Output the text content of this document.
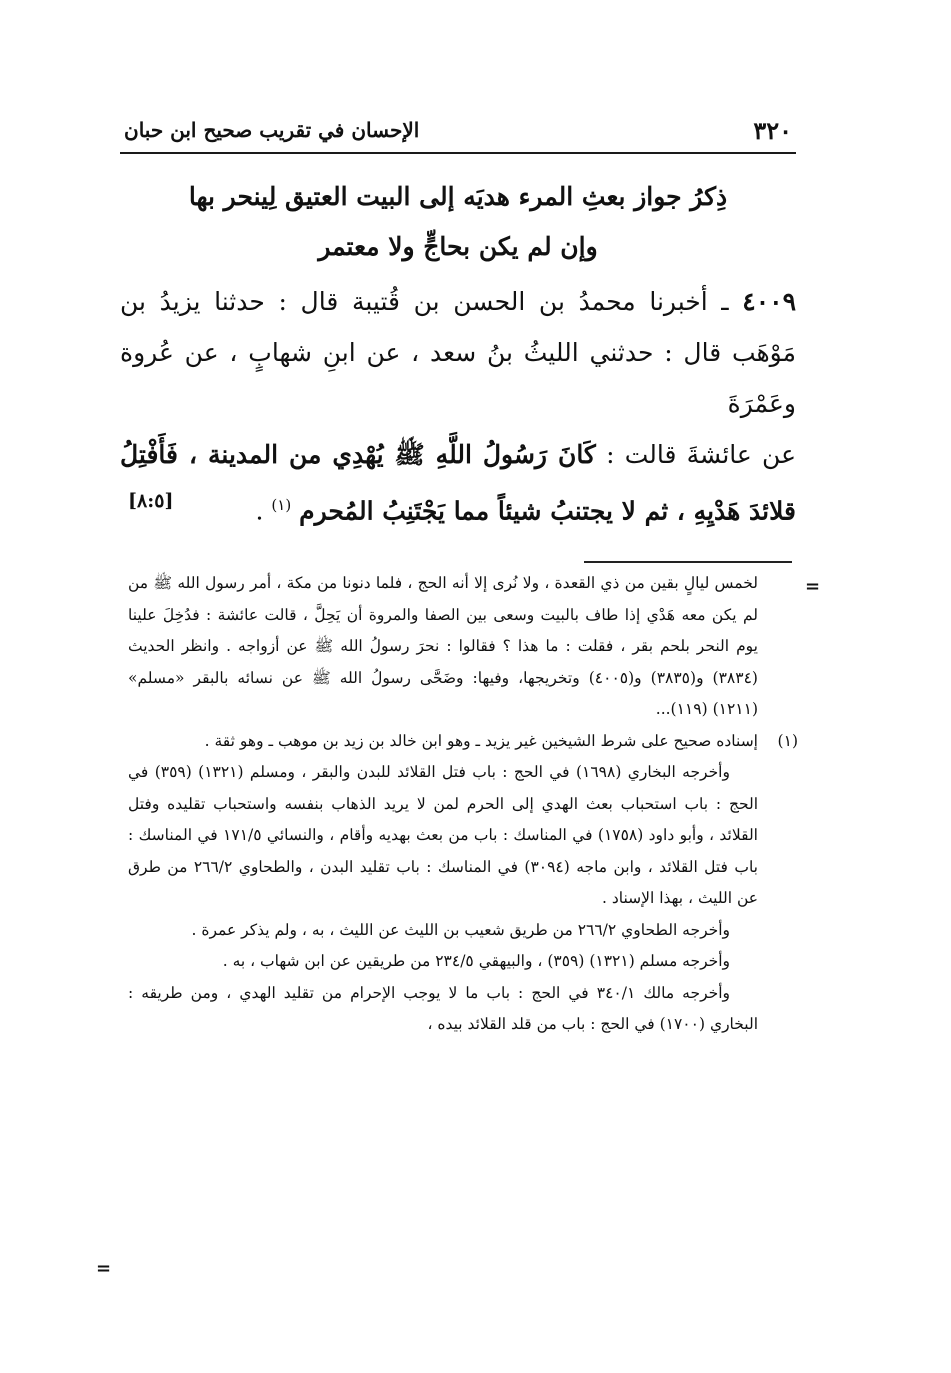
٣٢٠
الإحسان في تقريب صحيح ابن حبان
ذِكرُ جواز بعثِ المرء هديَه إلى البيت العتيق لِينحر بها
وإن لم يكن بحاجٍّ ولا معتمر

٤٠٠٩ ـ أخبرنا محمدُ بن الحسن بن قُتيبة قال : حدثنا يزيدُ بن مَوْهَب قال : حدثني الليثُ بنُ سعد ، عن ابنِ شهابٍ ، عن عُروة وعَمْرَةَ

عن عائشةَ قالت : كَانَ رَسُولُ اللَّهِ ﷺ يُهْدِي من المدينة ، فَأَفْتِلُ قلائدَ هَدْيِهِ ، ثم لا يجتنبُ شيئاً مما يَجْتَنِبُ المُحرم $^{(١)}$ .

[٨:٥]
=

لخمس ليالٍ بقين من ذي القعدة ، ولا نُرى إلا أنه الحج ، فلما دنونا من مكة ، أمر رسول الله ﷺ من لم يكن معه هَدْي إذا طاف بالبيت وسعى بين الصفا والمروة أن يَحِلَّ ، قالت عائشة : فدُخِلَ علينا يوم النحر بلحم بقر ، فقلت : ما هذا ؟ فقالوا : نحرَ رسولُ الله ﷺ عن أزواجه . وانظر الحديث (٣٨٣٤) و(٣٨٣٥) و(٤٠٠٥) وتخريجها، وفيها: وضَحَّى رسولُ الله ﷺ عن نسائه بالبقر «مسلم» (١٢١١) (١١٩)...

(١)
إسناده صحيح على شرط الشيخين غير يزيد ـ وهو ابن خالد بن زيد بن موهب ـ وهو ثقة .

وأخرجه البخاري (١٦٩٨) في الحج : باب فتل القلائد للبدن والبقر ، ومسلم (١٣٢١) (٣٥٩) في الحج : باب استحباب بعث الهدي إلى الحرم لمن لا يريد الذهاب بنفسه واستحباب تقليده وفتل القلائد ، وأبو داود (١٧٥٨) في المناسك : باب من بعث بهديه وأقام ، والنسائي ١٧١/٥ في المناسك : باب فتل القلائد ، وابن ماجه (٣٠٩٤) في المناسك : باب تقليد البدن ، والطحاوي ٢٦٦/٢ من طرق عن الليث ، بهذا الإسناد .

وأخرجه الطحاوي ٢٦٦/٢ من طريق شعيب بن الليث عن الليث ، به ، ولم يذكر عمرة .

وأخرجه مسلم (١٣٢١) (٣٥٩) ، والبيهقي ٢٣٤/٥ من طريقين عن ابن شهاب ، به .

وأخرجه مالك ٣٤٠/١ في الحج : باب ما لا يوجب الإحرام من تقليد الهدي ، ومن طريقه : البخاري (١٧٠٠) في الحج : باب من قلد القلائد بيده ،

=
